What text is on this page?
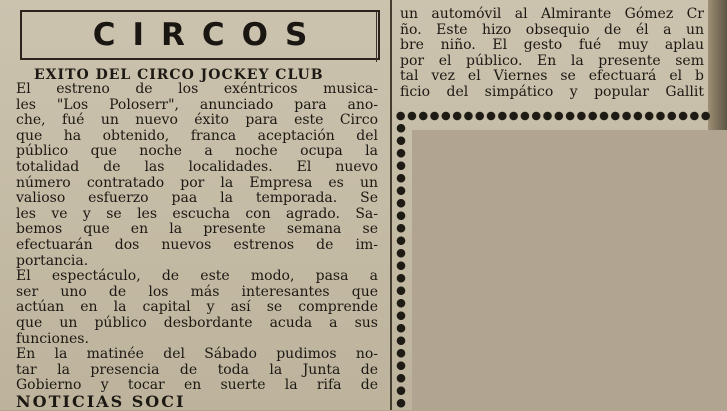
CIRCOS
EXITO DEL CIRCO JOCKEY CLUB
El estreno de los exéntricos musica-
les "Los Poloserr", anunciado para ano-
che, fué un nuevo éxito para este Circo
que ha obtenido, franca aceptación del
público que noche a noche ocupa la
totalidad de las localidades. El nuevo
número contratado por la Empresa es un
valioso esfuerzo paa la temporada. Se
les ve y se les escucha con agrado. Sa-
bemos que en la presente semana se
efectuarán dos nuevos estrenos de im-
portancia.
El espectáculo, de este modo, pasa a
ser uno de los más interesantes que
actúan en la capital y así se comprende
que un público desbordante acuda a sus
funciones.
En la matinée del Sábado pudimos no-
tar la presencia de toda la Junta de
Gobierno y tocar en suerte la rifa de
NOTICIAS SOCI
un automóvil al Almirante Gómez Cr
ño. Este hizo obsequio de él a un
bre niño. El gesto fué muy aplau
por el público. En la presente sem
tal vez el Viernes se efectuará el b
ficio del simpático y popular Gallit
